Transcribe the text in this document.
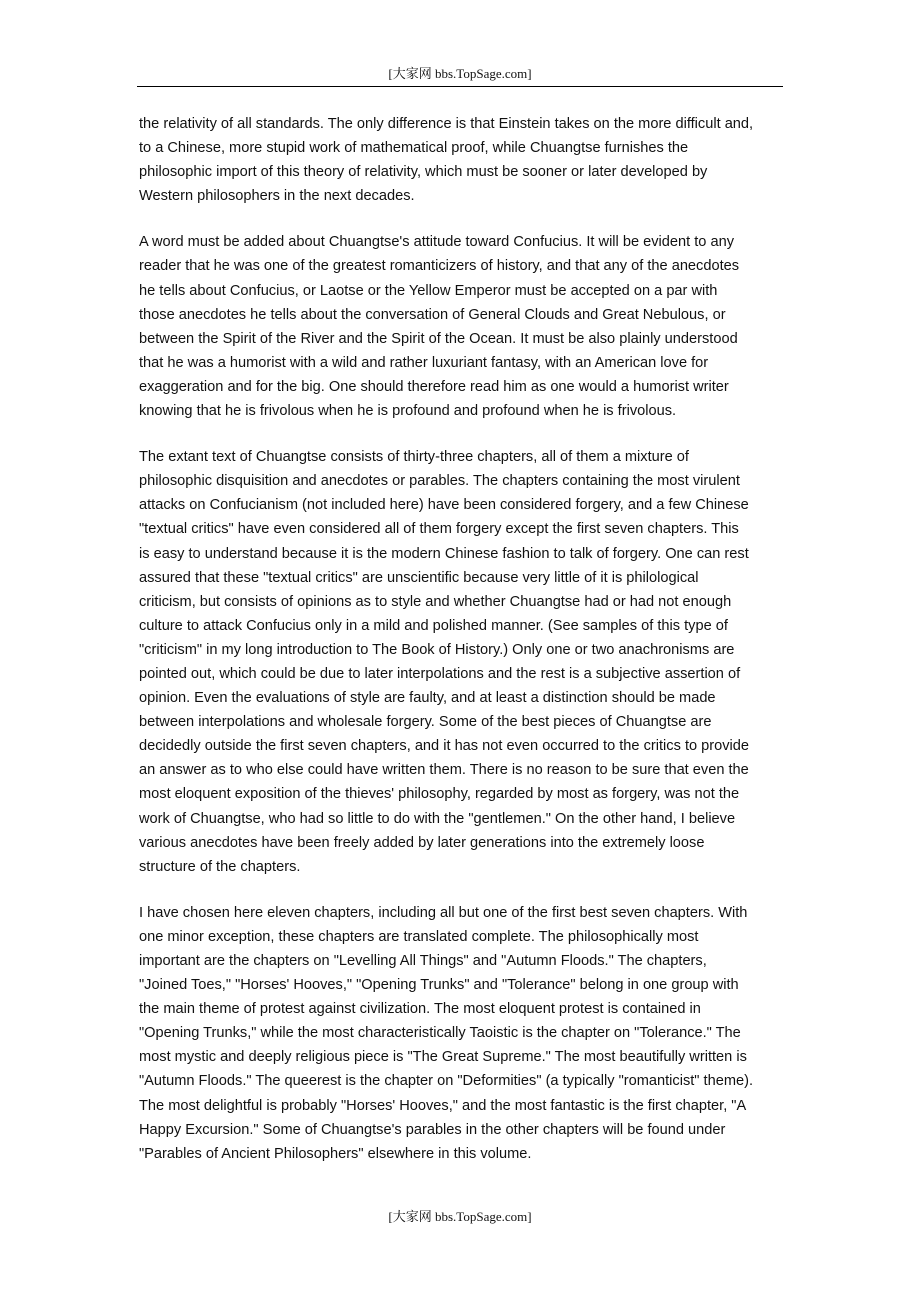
[大家网 bbs.TopSage.com]

the relativity of all standards. The only difference is that Einstein takes on the more difficult and,
to a Chinese, more stupid work of mathematical proof, while Chuangtse furnishes the
philosophic import of this theory of relativity, which must be sooner or later developed by
Western philosophers in the next decades.

A word must be added about Chuangtse's attitude toward Confucius. It will be evident to any
reader that he was one of the greatest romanticizers of history, and that any of the anecdotes
he tells about Confucius, or Laotse or the Yellow Emperor must be accepted on a par with
those anecdotes he tells about the conversation of General Clouds and Great Nebulous, or
between the Spirit of the River and the Spirit of the Ocean. It must be also plainly understood
that he was a humorist with a wild and rather luxuriant fantasy, with an American love for
exaggeration and for the big. One should therefore read him as one would a humorist writer
knowing that he is frivolous when he is profound and profound when he is frivolous.

The extant text of Chuangtse consists of thirty-three chapters, all of them a mixture of
philosophic disquisition and anecdotes or parables. The chapters containing the most virulent
attacks on Confucianism (not included here) have been considered forgery, and a few Chinese
"textual critics" have even considered all of them forgery except the first seven chapters. This
is easy to understand because it is the modern Chinese fashion to talk of forgery. One can rest
assured that these "textual critics" are unscientific because very little of it is philological
criticism, but consists of opinions as to style and whether Chuangtse had or had not enough
culture to attack Confucius only in a mild and polished manner. (See samples of this type of
"criticism" in my long introduction to The Book of History.) Only one or two anachronisms are
pointed out, which could be due to later interpolations and the rest is a subjective assertion of
opinion. Even the evaluations of style are faulty, and at least a distinction should be made
between interpolations and wholesale forgery. Some of the best pieces of Chuangtse are
decidedly outside the first seven chapters, and it has not even occurred to the critics to provide
an answer as to who else could have written them. There is no reason to be sure that even the
most eloquent exposition of the thieves' philosophy, regarded by most as forgery, was not the
work of Chuangtse, who had so little to do with the "gentlemen." On the other hand, I believe
various anecdotes have been freely added by later generations into the extremely loose
structure of the chapters.

I have chosen here eleven chapters, including all but one of the first best seven chapters. With
one minor exception, these chapters are translated complete. The philosophically most
important are the chapters on "Levelling All Things" and "Autumn Floods." The chapters,
"Joined Toes," "Horses' Hooves," "Opening Trunks" and "Tolerance" belong in one group with
the main theme of protest against civilization. The most eloquent protest is contained in
"Opening Trunks," while the most characteristically Taoistic is the chapter on "Tolerance." The
most mystic and deeply religious piece is "The Great Supreme." The most beautifully written is
"Autumn Floods." The queerest is the chapter on "Deformities" (a typically "romanticist" theme).
The most delightful is probably "Horses' Hooves," and the most fantastic is the first chapter, "A
Happy Excursion." Some of Chuangtse's parables in the other chapters will be found under
"Parables of Ancient Philosophers" elsewhere in this volume.

[大家网 bbs.TopSage.com]
